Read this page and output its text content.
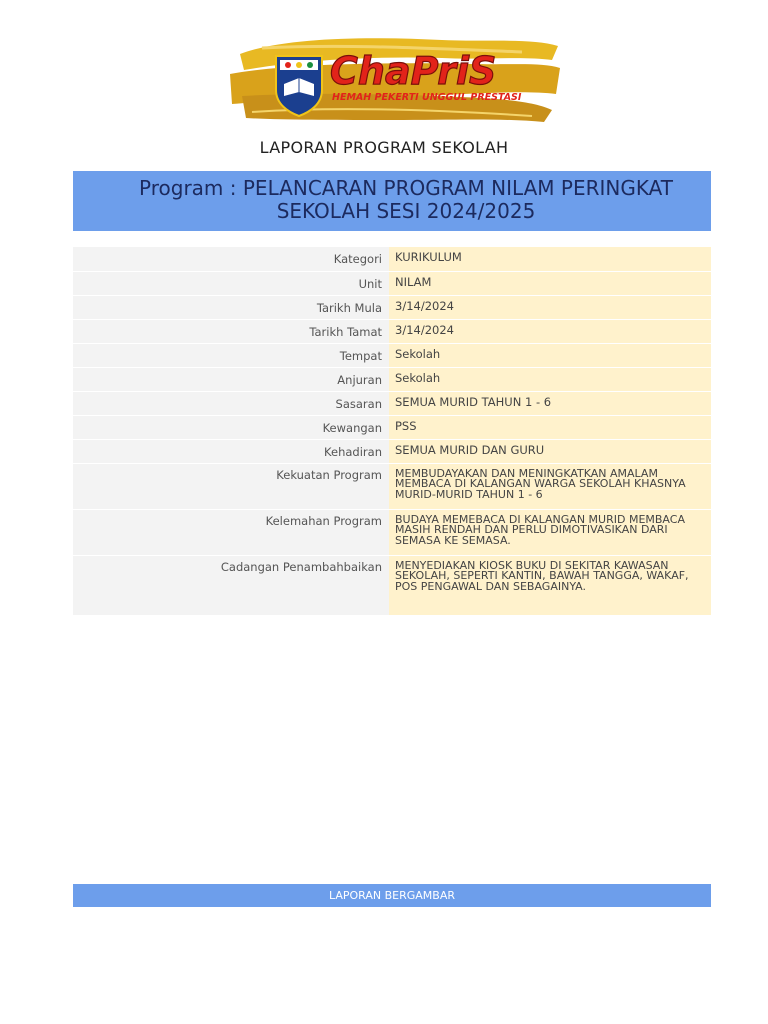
ChaPriS
HEMAH PEKERTI UNGGUL PRESTASI
LAPORAN PROGRAM SEKOLAH
Program : PELANCARAN PROGRAM NILAM PERINGKAT
SEKOLAH SESI 2024/2025
Kategori	KURIKULUM
Unit	NILAM
Tarikh Mula	3/14/2024
Tarikh Tamat	3/14/2024
Tempat	Sekolah
Anjuran	Sekolah
Sasaran	SEMUA MURID TAHUN 1 - 6
Kewangan	PSS
Kehadiran	SEMUA MURID DAN GURU
Kekuatan Program	MEMBUDAYAKAN DAN MENINGKATKAN AMALAM MEMBACA DI KALANGAN WARGA SEKOLAH KHASNYA MURID-MURID TAHUN 1 - 6
Kelemahan Program	BUDAYA MEMEBACA DI KALANGAN MURID MEMBACA MASIH RENDAH DAN PERLU DIMOTIVASIKAN DARI SEMASA KE SEMASA.
Cadangan Penambahbaikan	MENYEDIAKAN KIOSK BUKU DI SEKITAR KAWASAN SEKOLAH, SEPERTI KANTIN, BAWAH TANGGA, WAKAF, POS PENGAWAL DAN SEBAGAINYA.
LAPORAN BERGAMBAR
